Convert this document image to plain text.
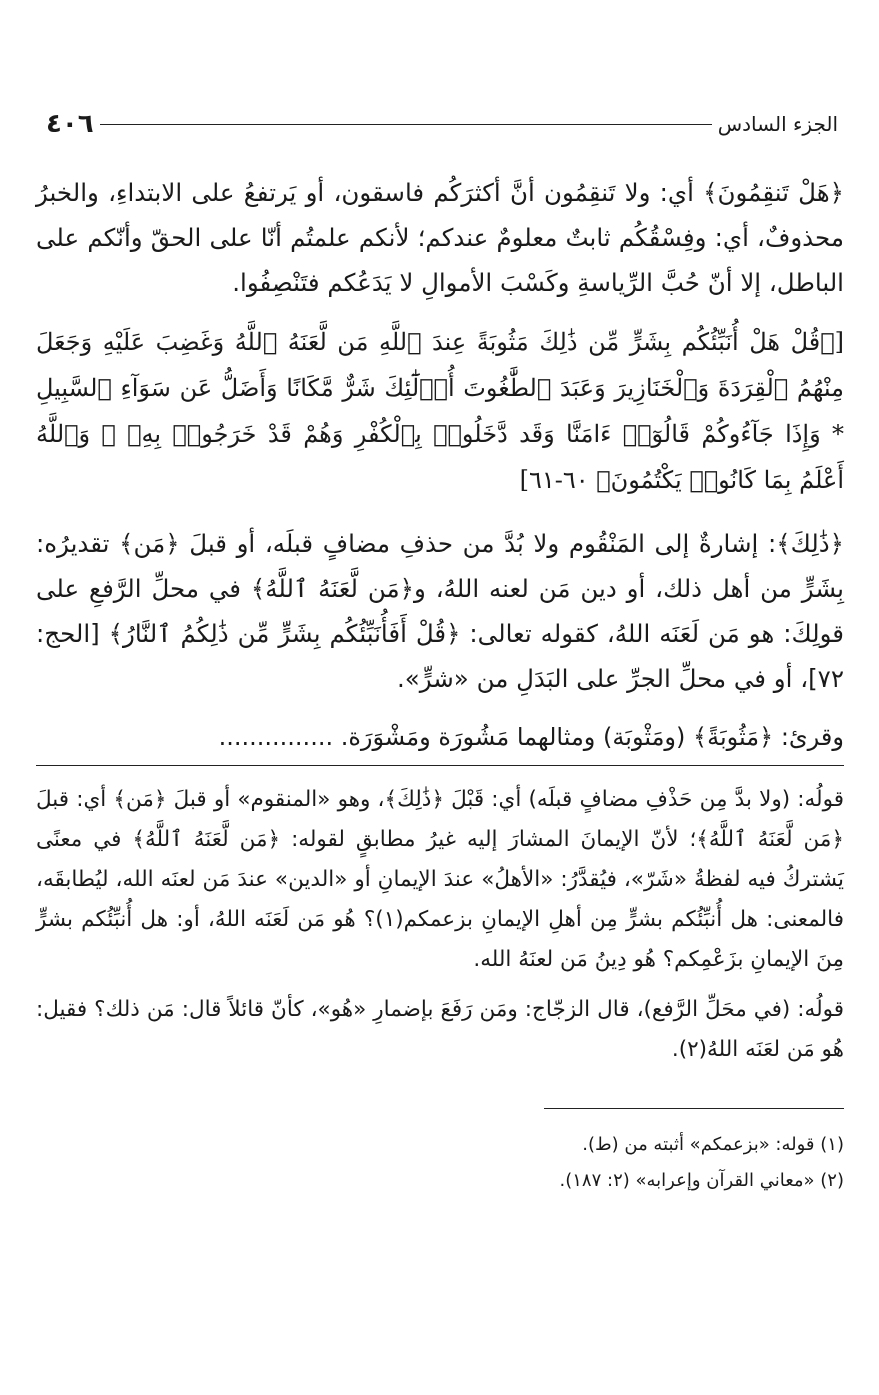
الجزء السادس
٤٠٦

﴿هَلْ تَنقِمُونَ﴾ أي: ولا تَنقِمُون أنَّ أكثرَكُم فاسقون، أو يَرتفعُ على الابتداءِ، والخبرُ محذوفٌ، أي: وفِسْقُكُم ثابتٌ معلومٌ عندكم؛ لأنكم علمتُم أنّا على الحقّ وأنّكم على الباطل، إلا أنّ حُبَّ الرِّياسةِ وكَسْبَ الأموالِ لا يَدَعُكم فتَنْصِفُوا.

[﴿قُلْ هَلْ أُنَبِّئُكُم بِشَرٍّ مِّن ذَٰلِكَ مَثُوبَةً عِندَ ٱللَّهِ مَن لَّعَنَهُ ٱللَّهُ وَغَضِبَ عَلَيْهِ وَجَعَلَ مِنْهُمُ ٱلْقِرَدَةَ وَٱلْخَنَازِيرَ وَعَبَدَ ٱلطَّٰغُوتَ أُو۟لَٰٓئِكَ شَرٌّ مَّكَانًا وَأَضَلُّ عَن سَوَآءِ ٱلسَّبِيلِ * وَإِذَا جَآءُوكُمْ قَالُوٓا۟ ءَامَنَّا وَقَد دَّخَلُوا۟ بِٱلْكُفْرِ وَهُمْ قَدْ خَرَجُوا۟ بِهِۦ ۚ وَٱللَّهُ أَعْلَمُ بِمَا كَانُوا۟ يَكْتُمُونَ﴾ ٦٠-٦١]

﴿ذَٰلِكَ﴾: إشارةٌ إلى المَنْقُوم ولا بُدَّ من حذفِ مضافٍ قبلَه، أو قبلَ ﴿مَن﴾ تقديرُه: بِشَرٍّ من أهل ذلك، أو دين مَن لعنه اللهُ، و﴿مَن لَّعَنَهُ ٱللَّهُ﴾ في محلِّ الرَّفعِ على قولِكَ: هو مَن لَعَنَه اللهُ، كقوله تعالى: ﴿قُلْ أَفَأُنَبِّئُكُم بِشَرٍّ مِّن ذَٰلِكُمُ ٱلنَّارُ﴾ [الحج: ٧٢]، أو في محلِّ الجرِّ على البَدَلِ من «شرٍّ».

وقرئ: ﴿مَثُوبَةً﴾ (ومَثْوبَة) ومثالهما مَشُورَة ومَشْوَرَة. ...............

قولُه: (ولا بدَّ مِن حَذْفِ مضافٍ قبلَه) أي: قَبْلَ ﴿ذَٰلِكَ﴾، وهو «المنقوم» أو قبلَ ﴿مَن﴾ أي: قبلَ ﴿مَن لَّعَنَهُ ٱللَّهُ﴾؛ لأنّ الإيمانَ المشارَ إليه غيرُ مطابقٍ لقوله: ﴿مَن لَّعَنَهُ ٱللَّهُ﴾ في معنًى يَشتركُ فيه لفظةُ «شَرّ»، فيُقدَّرُ: «الأهلُ» عندَ الإيمانِ أو «الدين» عندَ مَن لعنَه الله، ليُطابقَه، فالمعنى: هل أُنبِّئُكم بشرٍّ مِن أهلِ الإيمانِ بزعمكم(١)؟ هُو مَن لَعَنَه اللهُ، أو: هل أُنبِّئُكم بشرٍّ مِنَ الإيمانِ بزَعْمِكم؟ هُو دِينُ مَن لعنَهُ الله.

قولُه: (في محَلِّ الرَّفع)، قال الزجّاج: ومَن رَفَعَ بإضمارِ «هُو»، كأنّ قائلاً قال: مَن ذلك؟ فقيل: هُو مَن لعَنَه اللهُ(٢).

(١) قوله: «بزعمكم» أثبته من (ط).

(٢) «معاني القرآن وإعرابه» (٢: ١٨٧).
